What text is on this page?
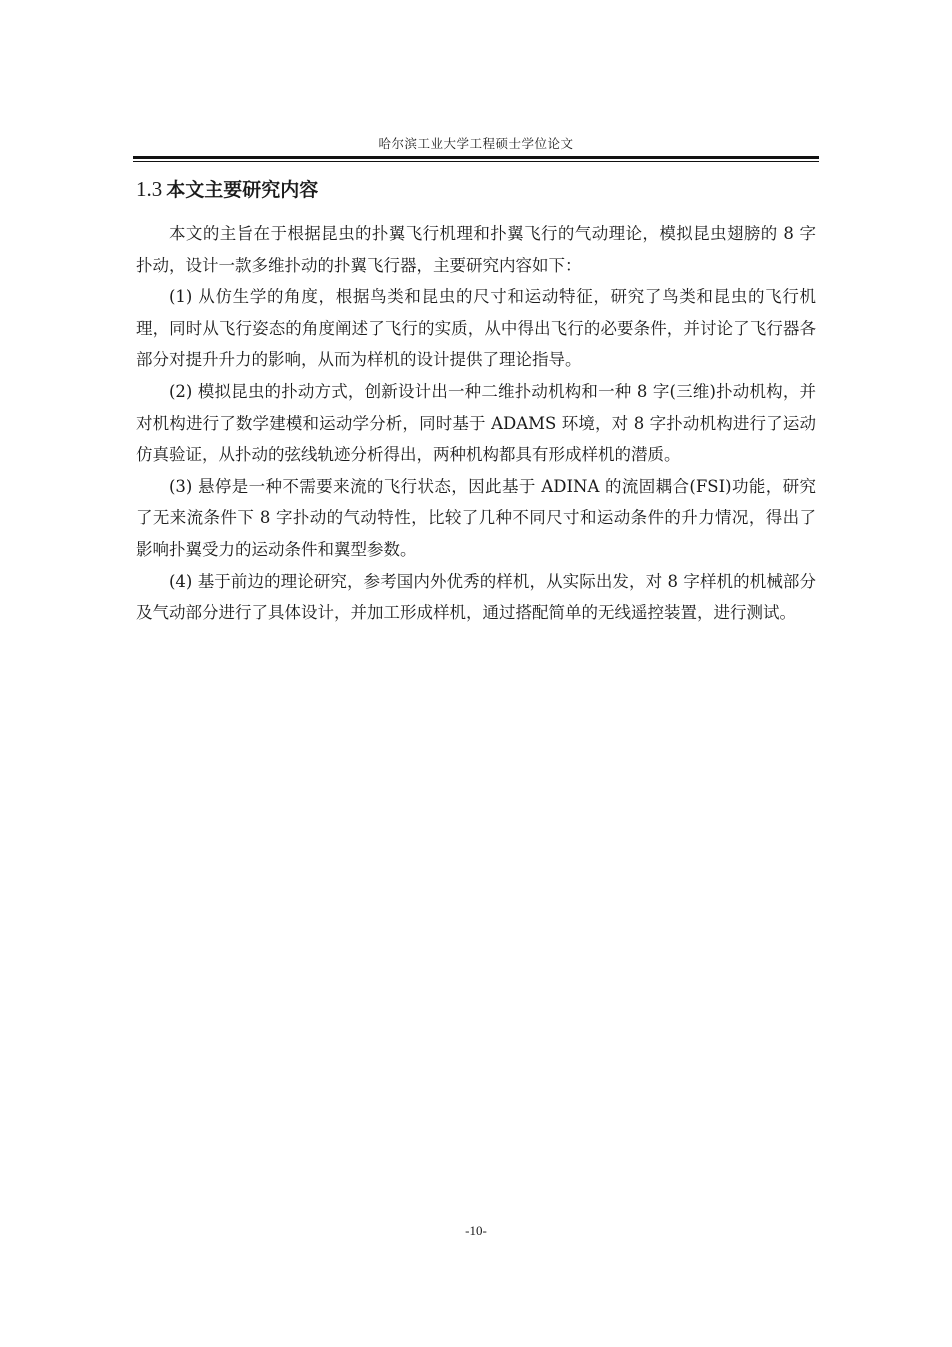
哈尔滨工业大学工程硕士学位论文
1.3 本文主要研究内容

本文的主旨在于根据昆虫的扑翼飞行机理和扑翼飞行的气动理论，模拟昆虫翅膀的 8 字扑动，设计一款多维扑动的扑翼飞行器，主要研究内容如下：

(1) 从仿生学的角度，根据鸟类和昆虫的尺寸和运动特征，研究了鸟类和昆虫的飞行机理，同时从飞行姿态的角度阐述了飞行的实质，从中得出飞行的必要条件，并讨论了飞行器各部分对提升升力的影响，从而为样机的设计提供了理论指导。

(2) 模拟昆虫的扑动方式，创新设计出一种二维扑动机构和一种 8 字(三维)扑动机构，并对机构进行了数学建模和运动学分析，同时基于 ADAMS 环境，对 8 字扑动机构进行了运动仿真验证，从扑动的弦线轨迹分析得出，两种机构都具有形成样机的潜质。

(3) 悬停是一种不需要来流的飞行状态，因此基于 ADINA 的流固耦合(FSI)功能，研究了无来流条件下 8 字扑动的气动特性，比较了几种不同尺寸和运动条件的升力情况，得出了影响扑翼受力的运动条件和翼型参数。

(4) 基于前边的理论研究，参考国内外优秀的样机，从实际出发，对 8 字样机的机械部分及气动部分进行了具体设计，并加工形成样机，通过搭配简单的无线遥控装置，进行测试。

-10-
